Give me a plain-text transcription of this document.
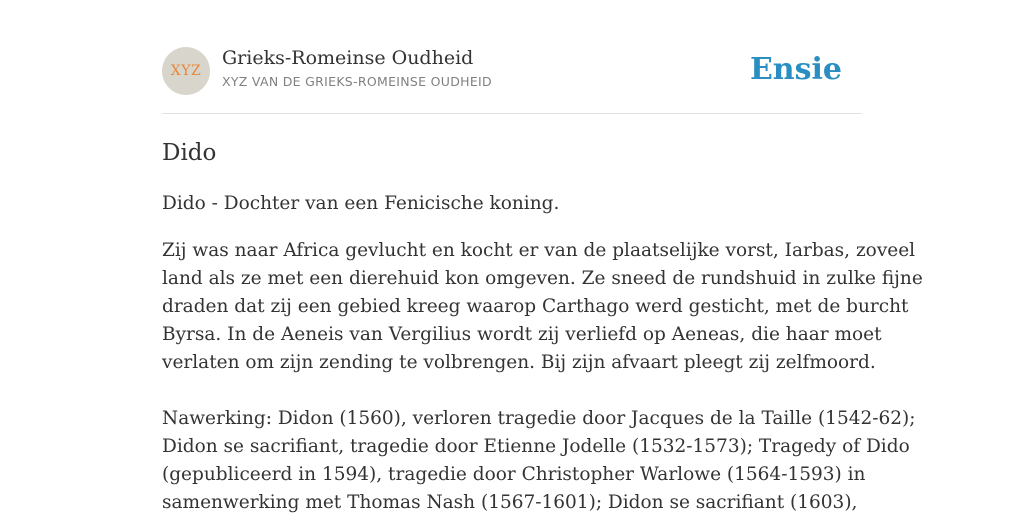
XYZ
Grieks-Romeinse Oudheid
XYZ VAN DE GRIEKS-ROMEINSE OUDHEID	Ensie
Dido

Dido - Dochter van een Fenicische koning.

Zij was naar Africa gevlucht en kocht er van de plaatselijke vorst, Iarbas, zoveel
land als ze met een dierehuid kon omgeven. Ze sneed de rundshuid in zulke fijne
draden dat zij een gebied kreeg waarop Carthago werd gesticht, met de burcht
Byrsa. In de Aeneis van Vergilius wordt zij verliefd op Aeneas, die haar moet
verlaten om zijn zending te volbrengen. Bij zijn afvaart pleegt zij zelfmoord.
Nawerking: Didon (1560), verloren tragedie door Jacques de la Taille (1542-62);
Didon se sacrifiant, tragedie door Etienne Jodelle (1532-1573); Tragedy of Dido
(gepubliceerd in 1594), tragedie door Christopher Warlowe (1564-1593) in
samenwerking met Thomas Nash (1567-1601); Didon se sacrifiant (1603),
